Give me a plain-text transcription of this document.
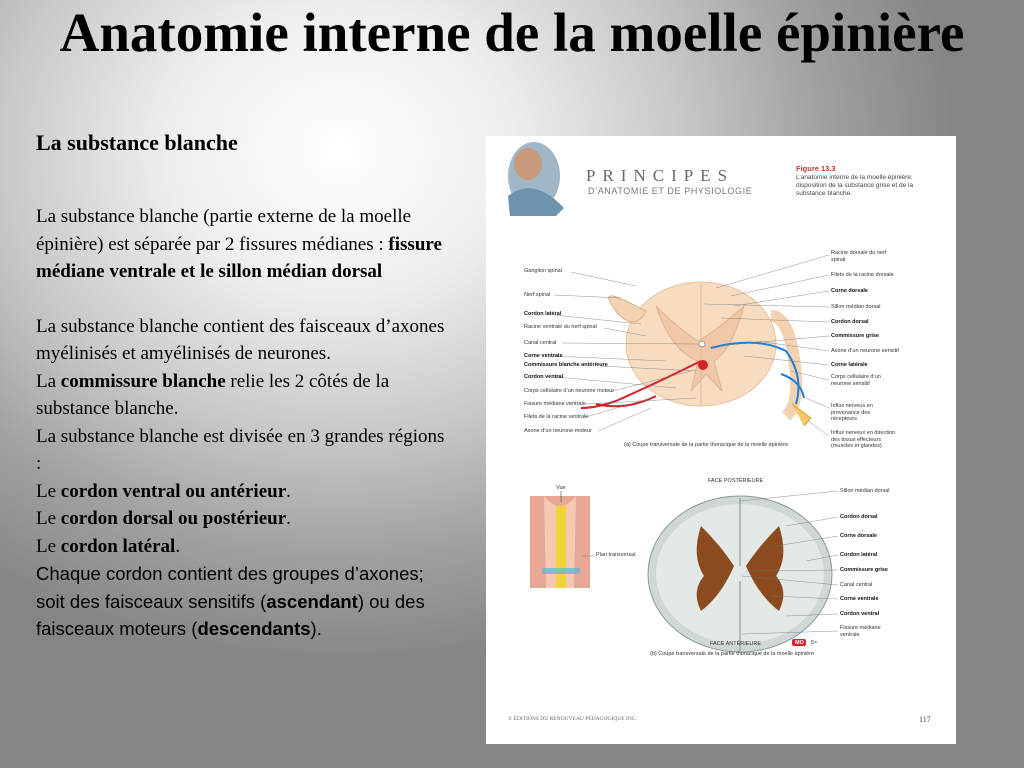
Anatomie interne de la moelle épinière
La substance blanche

La substance blanche (partie externe de la moelle épinière) est séparée par 2 fissures médianes : fissure médiane ventrale et le sillon médian dorsal

La substance blanche contient des faisceaux d’axones myélinisés et amyélinisés de neurones.

La commissure blanche relie les 2 côtés de la substance blanche.

La substance blanche est divisée en 3 grandes régions :

Le cordon ventral ou antérieur.

Le cordon dorsal ou postérieur.

Le cordon latéral.

Chaque cordon contient des groupes d’axones; soit des faisceaux sensitifs (ascendant) ou des faisceaux moteurs (descendants).

PRINCIPES
D’ANATOMIE ET DE PHYSIOLOGIE
Figure 13.3
L’anatomie interne de la moelle épinière: disposition de la substance grise et de la substance blanche.
Ganglion spinal
Nerf spinal
Cordon latéral
Racine ventrale du nerf spinal
Canal central
Corne ventrale
Commissure blanche antérieure
Cordon ventral
Corps cellulaire d’un neurone moteur
Fissure médiane ventrale
Filets de la racine ventrale
Axone d’un neurone moteur
Racine dorsale du nerf spinal
Filets de la racine dorsale
Corne dorsale
Sillon médian dorsal
Cordon dorsal
Commissure grise
Axone d’un neurone sensitif
Corne latérale
Corps cellulaire d’un neurone sensitif
Influx nerveux en provenance des récepteurs
Influx nerveux en direction des tissus effecteurs (muscles et glandes)
(a) Coupe transversale de la partie thoracique de la moelle épinière
Vue
Plan transversal
FACE POSTÉRIEURE
FACE ANTÉRIEURE	MO 5×
Sillon médian dorsal
Cordon dorsal
Corne dorsale
Cordon latéral
Commissure grise
Canal central
Corne ventrale
Cordon ventral
Fissure médiane ventrale
(b) Coupe transversale de la partie thoracique de la moelle épinière
© ÉDITIONS DU RENOUVEAU PÉDAGOGIQUE INC.	117
